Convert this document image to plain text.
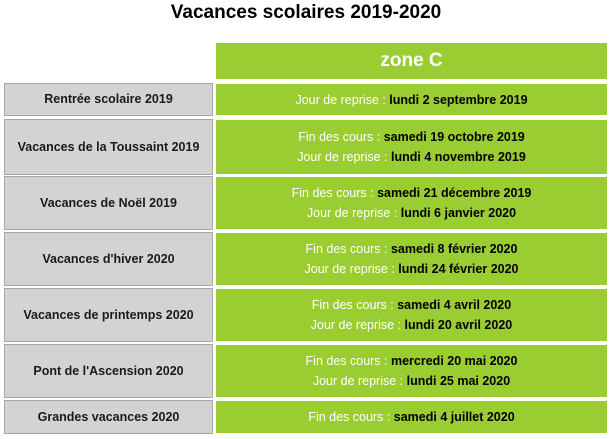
Vacances scolaires 2019-2020
zone C
Rentrée scolaire 2019	Jour de reprise : lundi 2 septembre 2019
Vacances de la Toussaint 2019
Fin des cours : samedi 19 octobre 2019
Jour de reprise : lundi 4 novembre 2019
Vacances de Noël 2019
Fin des cours : samedi 21 décembre 2019
Jour de reprise : lundi 6 janvier 2020
Vacances d'hiver 2020
Fin des cours : samedi 8 février 2020
Jour de reprise : lundi 24 février 2020
Vacances de printemps 2020
Fin des cours : samedi 4 avril 2020
Jour de reprise : lundi 20 avril 2020
Pont de l'Ascension 2020
Fin des cours : mercredi 20 mai 2020
Jour de reprise : lundi 25 mai 2020
Grandes vacances 2020	Fin des cours : samedi 4 juillet 2020
